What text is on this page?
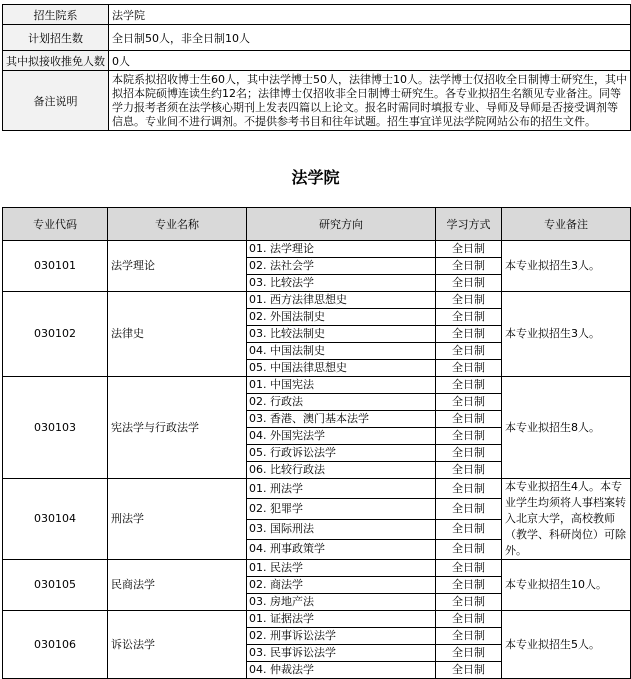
招生院系	法学院
计划招生数	全日制50人，非全日制10人
其中拟接收推免人数	0人
备注说明	本院系拟招收博士生60人，其中法学博士50人，法律博士10人。法学博士仅招收全日制博士研究生，其中拟招本院硕博连读生约12名；法律博士仅招收非全日制博士研究生。各专业拟招生名额见专业备注。同等学力报考者须在法学核心期刊上发表四篇以上论文。报名时需同时填报专业、导师及导师是否接受调剂等信息。专业间不进行调剂。不提供参考书目和往年试题。招生事宜详见法学院网站公布的招生文件。
法学院
专业代码	专业名称	研究方向	学习方式	专业备注
030101	法学理论	01. 法学理论	全日制	本专业拟招生3人。
		02. 法社会学	全日制	
		03. 比较法学	全日制	
030102	法律史	01. 西方法律思想史	全日制	本专业拟招生3人。
		02. 外国法制史	全日制	
		03. 比较法制史	全日制	
		04. 中国法制史	全日制	
		05. 中国法律思想史	全日制	
030103	宪法学与行政法学	01. 中国宪法	全日制	本专业拟招生8人。
		02. 行政法	全日制	
		03. 香港、澳门基本法学	全日制	
		04. 外国宪法学	全日制	
		05. 行政诉讼法学	全日制	
		06. 比较行政法	全日制	
030104	刑法学	01. 刑法学	全日制	本专业拟招生4人。本专业学生均须将人事档案转入北京大学，高校教师（教学、科研岗位）可除外。
		02. 犯罪学	全日制	
		03. 国际刑法	全日制	
		04. 刑事政策学	全日制	
030105	民商法学	01. 民法学	全日制	本专业拟招生10人。
		02. 商法学	全日制	
		03. 房地产法	全日制	
030106	诉讼法学	01. 证据法学	全日制	本专业拟招生5人。
		02. 刑事诉讼法学	全日制	
		03. 民事诉讼法学	全日制	
		04. 仲裁法学	全日制	
